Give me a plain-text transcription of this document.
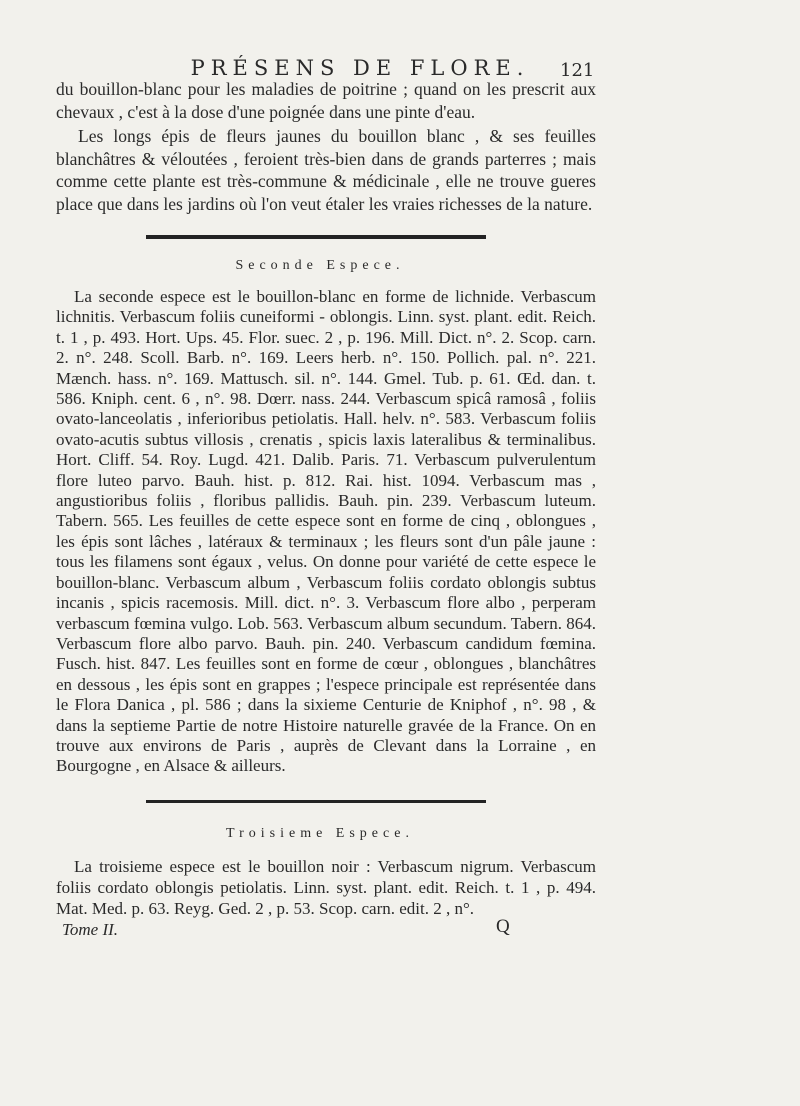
PRÉSENS DE FLORE.	121
du bouillon-blanc pour les maladies de poitrine ; quand on les prescrit aux chevaux , c'est à la dose d'une poignée dans une pinte d'eau.
Les longs épis de fleurs jaunes du bouillon blanc , & ses feuilles blanchâtres & véloutées , feroient très-bien dans de grands parterres ; mais comme cette plante est très-commune & médicinale , elle ne trouve gueres place que dans les jardins où l'on veut étaler les vraies richesses de la nature.
Seconde Espece.
La seconde espece est le bouillon-blanc en forme de lichnide. Verbascum lichnitis. Verbascum foliis cuneiformi - oblongis. Linn. syst. plant. edit. Reich. t. 1 , p. 493. Hort. Ups. 45. Flor. suec. 2 , p. 196. Mill. Dict. n°. 2. Scop. carn. 2. n°. 248. Scoll. Barb. n°. 169. Leers herb. n°. 150. Pollich. pal. n°. 221. Mænch. hass. n°. 169. Mattusch. sil. n°. 144. Gmel. Tub. p. 61. Œd. dan. t. 586. Kniph. cent. 6 , n°. 98. Dœrr. nass. 244. Verbascum spicâ ramosâ , foliis ovato-lanceolatis , inferioribus petiolatis. Hall. helv. n°. 583. Verbascum foliis ovato-acutis subtus villosis , crenatis , spicis laxis lateralibus & terminalibus. Hort. Cliff. 54. Roy. Lugd. 421. Dalib. Paris. 71. Verbascum pulverulentum flore luteo parvo. Bauh. hist. p. 812. Rai. hist. 1094. Verbascum mas , angustioribus foliis , floribus pallidis. Bauh. pin. 239. Verbascum luteum. Tabern. 565. Les feuilles de cette espece sont en forme de cinq , oblongues , les épis sont lâches , latéraux & terminaux ; les fleurs sont d'un pâle jaune : tous les filamens sont égaux , velus. On donne pour variété de cette espece le bouillon-blanc. Verbascum album , Verbascum foliis cordato oblongis subtus incanis , spicis racemosis. Mill. dict. n°. 3. Verbascum flore albo , perperam verbascum fœmina vulgo. Lob. 563. Verbascum album secundum. Tabern. 864. Verbascum flore albo parvo. Bauh. pin. 240. Verbascum candidum fœmina. Fusch. hist. 847. Les feuilles sont en forme de cœur , oblongues , blanchâtres en dessous , les épis sont en grappes ; l'espece principale est représentée dans le Flora Danica , pl. 586 ; dans la sixieme Centurie de Kniphof , n°. 98 , & dans la septieme Partie de notre Histoire naturelle gravée de la France. On en trouve aux environs de Paris , auprès de Clevant dans la Lorraine , en Bourgogne , en Alsace & ailleurs.
Troisieme Espece.
La troisieme espece est le bouillon noir : Verbascum nigrum. Verbascum foliis cordato oblongis petiolatis. Linn. syst. plant. edit. Reich. t. 1 , p. 494. Mat. Med. p. 63. Reyg. Ged. 2 , p. 53. Scop. carn. edit. 2 , n°.
Tome II.	Q
